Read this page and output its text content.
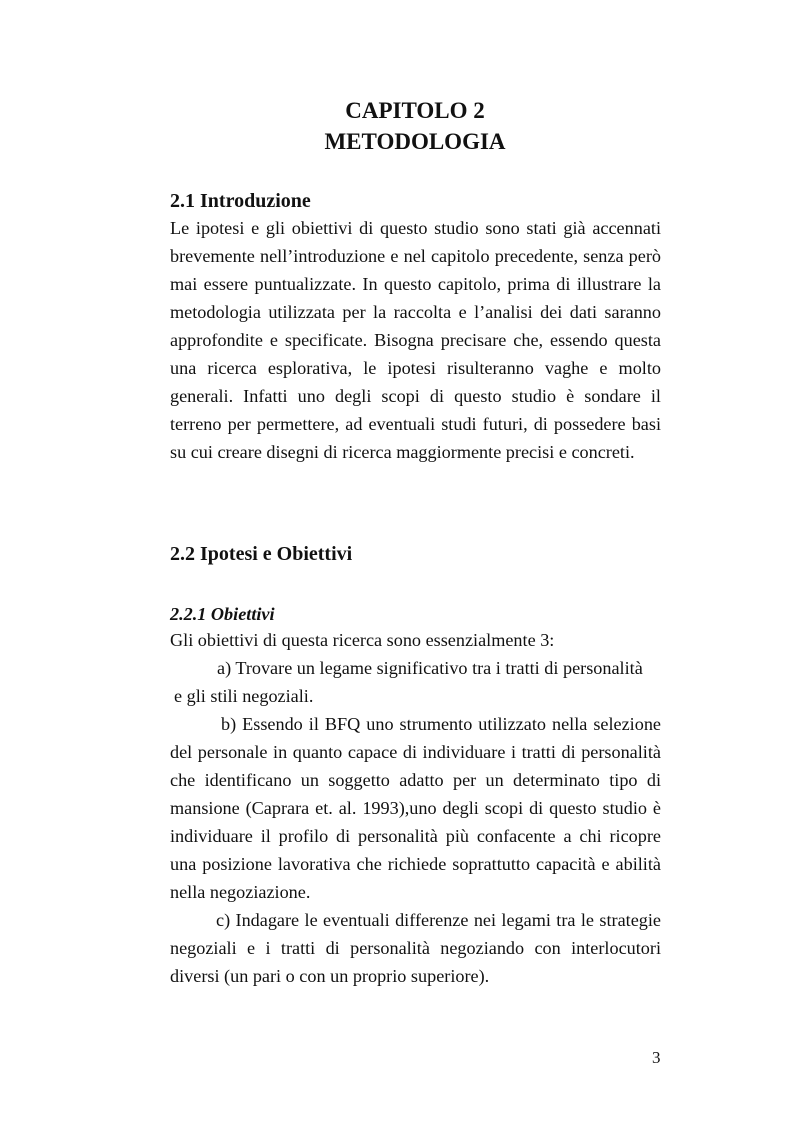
CAPITOLO 2
METODOLOGIA
2.1 Introduzione

Le ipotesi e gli obiettivi di questo studio sono stati già accennati brevemente nell’introduzione e nel capitolo precedente, senza però mai essere puntualizzate. In questo capitolo, prima di illustrare la metodologia utilizzata per la raccolta e l’analisi dei dati saranno approfondite e specificate. Bisogna precisare che, essendo questa una ricerca esplorativa, le ipotesi risulteranno vaghe e molto generali. Infatti uno degli scopi di questo studio è sondare il terreno per permettere, ad eventuali studi futuri, di possedere basi su cui creare disegni di ricerca maggiormente precisi e concreti.

2.2 Ipotesi e Obiettivi
2.2.1 Obiettivi

Gli obiettivi di questa ricerca sono essenzialmente 3:

a) Trovare un legame significativo tra i tratti di personalità

e gli stili negoziali.

b) Essendo il BFQ uno strumento utilizzato nella selezione del personale in quanto capace di individuare i tratti di personalità che identificano un soggetto adatto per un determinato tipo di mansione (Caprara et. al. 1993),uno degli scopi di questo studio è individuare il profilo di personalità più confacente a chi ricopre una posizione lavorativa che richiede soprattutto capacità e abilità nella negoziazione.

c) Indagare le eventuali differenze nei legami tra le strategie negoziali e i tratti di personalità negoziando con interlocutori diversi (un pari o con un proprio superiore).

3
